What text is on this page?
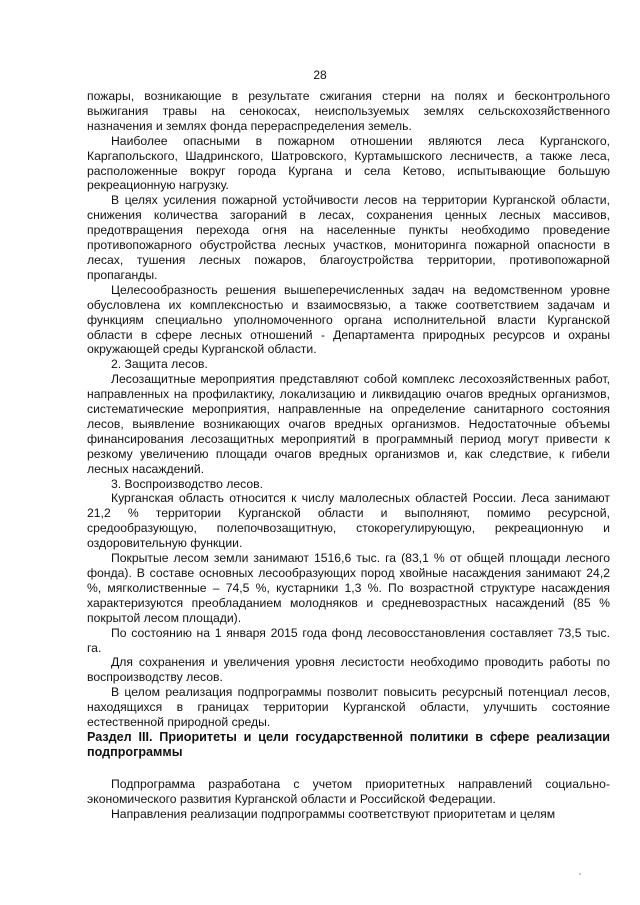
28

пожары, возникающие в результате сжигания стерни на полях и бесконтрольного выжигания травы на сенокосах, неиспользуемых землях сельскохозяйственного назначения и землях фонда перераспределения земель.

Наиболее опасными в пожарном отношении являются леса Курганского, Каргапольского, Шадринского, Шатровского, Куртамышского лесничеств, а также леса, расположенные вокруг города Кургана и села Кетово, испытывающие большую рекреационную нагрузку.

В целях усиления пожарной устойчивости лесов на территории Курганской области, снижения количества загораний в лесах, сохранения ценных лесных массивов, предотвращения перехода огня на населенные пункты необходимо проведение противопожарного обустройства лесных участков, мониторинга пожарной опасности в лесах, тушения лесных пожаров, благоустройства территории, противопожарной пропаганды.

Целесообразность решения вышеперечисленных задач на ведомственном уровне обусловлена их комплексностью и взаимосвязью, а также соответствием задачам и функциям специально уполномоченного органа исполнительной власти Курганской области в сфере лесных отношений - Департамента природных ресурсов и охраны окружающей среды Курганской области.

2. Защита лесов.

Лесозащитные мероприятия представляют собой комплекс лесохозяйственных работ, направленных на профилактику, локализацию и ликвидацию очагов вредных организмов, систематические мероприятия, направленные на определение санитарного состояния лесов, выявление возникающих очагов вредных организмов. Недостаточные объемы финансирования лесозащитных мероприятий в программный период могут привести к резкому увеличению площади очагов вредных организмов и, как следствие, к гибели лесных насаждений.

3. Воспроизводство лесов.

Курганская область относится к числу малолесных областей России. Леса занимают 21,2 % территории Курганской области и выполняют, помимо ресурсной, средообразующую, полепочвозащитную, стокорегулирующую, рекреационную и оздоровительную функции.

Покрытые лесом земли занимают 1516,6 тыс. га (83,1 % от общей площади лесного фонда). В составе основных лесообразующих пород хвойные насаждения занимают 24,2 %, мягколиственные – 74,5 %, кустарники 1,3 %. По возрастной структуре насаждения характеризуются преобладанием молодняков и средневозрастных насаждений (85 % покрытой лесом площади).

По состоянию на 1 января 2015 года фонд лесовосстановления составляет 73,5 тыс. га.

Для сохранения и увеличения уровня лесистости необходимо проводить работы по воспроизводству лесов.

В целом реализация подпрограммы позволит повысить ресурсный потенциал лесов, находящихся в границах территории Курганской области, улучшить состояние естественной природной среды.

Раздел III. Приоритеты и цели государственной политики в сфере реализации подпрограммы

Подпрограмма разработана с учетом приоритетных направлений социально-экономического развития Курганской области и Российской Федерации.

Направления реализации подпрограммы соответствуют приоритетам и целям
